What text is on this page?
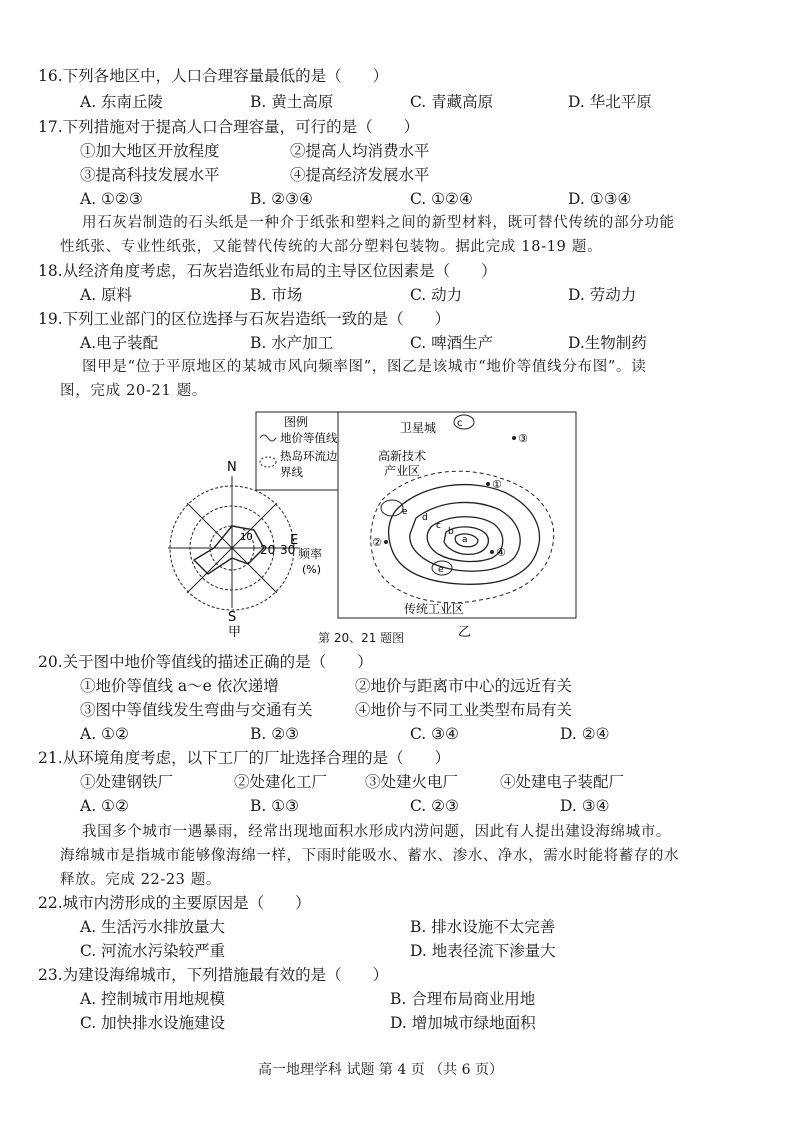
16.下列各地区中，人口合理容量最低的是（　　）
A. 东南丘陵	B. 黄土高原	C. 青藏高原	D. 华北平原
17.下列措施对于提高人口合理容量，可行的是（　　）
①加大地区开放程度	②提高人均消费水平
③提高科技发展水平	④提高经济发展水平
A. ①②③	B. ②③④	C. ①②④	D. ①③④
用石灰岩制造的石头纸是一种介于纸张和塑料之间的新型材料，既可替代传统的部分功能
性纸张、专业性纸张，又能替代传统的大部分塑料包装物。据此完成 18-19 题。
18.从经济角度考虑，石灰岩造纸业布局的主导区位因素是（　　）
A. 原料	B. 市场	C. 动力	D. 劳动力
19.下列工业部门的区位选择与石灰岩造纸一致的是（　　）
A.电子装配	B. 水产加工	C. 啤酒生产	D.生物制药
图甲是“位于平原地区的某城市风向频率图”，图乙是该城市“地价等值线分布图”。读
图，完成 20-21 题。
N
S
E
10
20 30 频率
(%)
甲
图例
地价等值线
热岛环流边
界线
卫星城 c
高新技术
产业区
传统工业区
③
②
④
①
a
b
c
d
e
e
乙
第 20、21 题图
20.关于图中地价等值线的描述正确的是（　　）
①地价等值线 a～e 依次递增	②地价与距离市中心的远近有关
③图中等值线发生弯曲与交通有关	④地价与不同工业类型布局有关
A. ①②	B. ②③	C. ③④	D. ②④
21.从环境角度考虑，以下工厂的厂址选择合理的是（　　）
①处建钢铁厂	②处建化工厂 ③处建火电厂	④处建电子装配厂
A. ①②	B. ①③	C. ②③	D. ③④
我国多个城市一遇暴雨，经常出现地面积水形成内涝问题，因此有人提出建设海绵城市。
海绵城市是指城市能够像海绵一样，下雨时能吸水、蓄水、渗水、净水，需水时能将蓄存的水
释放。完成 22-23 题。
22.城市内涝形成的主要原因是（　　）
A. 生活污水排放量大	B. 排水设施不太完善
C. 河流水污染较严重	D. 地表径流下渗量大
23.为建设海绵城市，下列措施最有效的是（　　）
A. 控制城市用地规模	B. 合理布局商业用地
C. 加快排水设施建设	D. 增加城市绿地面积
高一地理学科 试题 第 4 页 （共 6 页）
